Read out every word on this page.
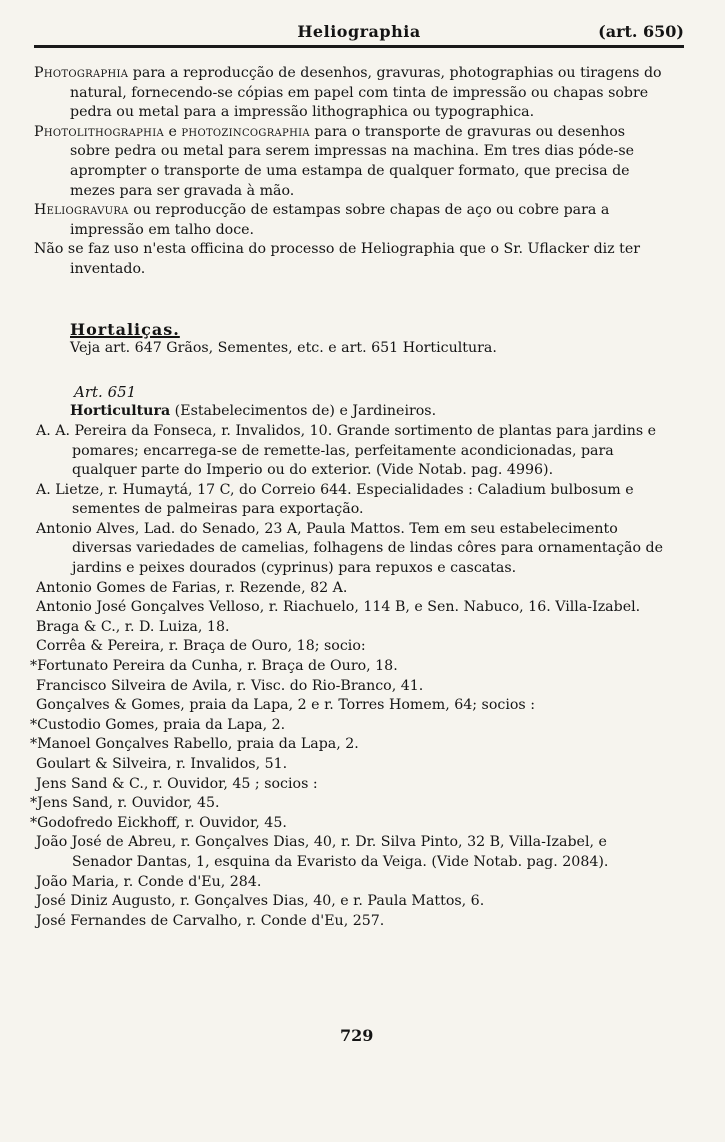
Heliographia	(art. 650)

Photographia para a reproducção de desenhos, gravuras, photographias ou tiragens do natural, fornecendo-se cópias em papel com tinta de impressão ou chapas sobre pedra ou metal para a impressão lithographica ou typographica.

Photolithographia e photozincographia para o transporte de gravuras ou desenhos sobre pedra ou metal para serem impressas na machina. Em tres dias póde-se aprompter o transporte de uma estampa de qualquer formato, que precisa de mezes para ser gravada à mão.

Heliogravura ou reproducção de estampas sobre chapas de aço ou cobre para a impressão em talho doce.

Não se faz uso n'esta officina do processo de Heliographia que o Sr. Uflacker diz ter inventado.

Hortaliças.

Veja art. 647 Grãos, Sementes, etc. e art. 651 Horticultura.

Art. 651

Horticultura (Estabelecimentos de) e Jardineiros.

A. A. Pereira da Fonseca, r. Invalidos, 10. Grande sortimento de plantas para jardins e pomares; encarrega-se de remette-las, perfeitamente acondicionadas, para qualquer parte do Imperio ou do exterior. (Vide Notab. pag. 4996).

A. Lietze, r. Humaytá, 17 C, do Correio 644. Especialidades : Caladium bulbosum e sementes de palmeiras para exportação.

Antonio Alves, Lad. do Senado, 23 A, Paula Mattos. Tem em seu estabelecimento diversas variedades de camelias, folhagens de lindas côres para ornamentação de jardins e peixes dourados (cyprinus) para repuxos e cascatas.

Antonio Gomes de Farias, r. Rezende, 82 A.

Antonio José Gonçalves Velloso, r. Riachuelo, 114 B, e Sen. Nabuco, 16. Villa-Izabel.

Braga & C., r. D. Luiza, 18.

Corrêa & Pereira, r. Braça de Ouro, 18; socio:

*Fortunato Pereira da Cunha, r. Braça de Ouro, 18.

Francisco Silveira de Avila, r. Visc. do Rio-Branco, 41.

Gonçalves & Gomes, praia da Lapa, 2 e r. Torres Homem, 64; socios :

*Custodio Gomes, praia da Lapa, 2.

*Manoel Gonçalves Rabello, praia da Lapa, 2.

Goulart & Silveira, r. Invalidos, 51.

Jens Sand & C., r. Ouvidor, 45 ; socios :

*Jens Sand, r. Ouvidor, 45.

*Godofredo Eickhoff, r. Ouvidor, 45.

João José de Abreu, r. Gonçalves Dias, 40, r. Dr. Silva Pinto, 32 B, Villa-Izabel, e Senador Dantas, 1, esquina da Evaristo da Veiga. (Vide Notab. pag. 2084).

João Maria, r. Conde d'Eu, 284.

José Diniz Augusto, r. Gonçalves Dias, 40, e r. Paula Mattos, 6.

José Fernandes de Carvalho, r. Conde d'Eu, 257.

729
